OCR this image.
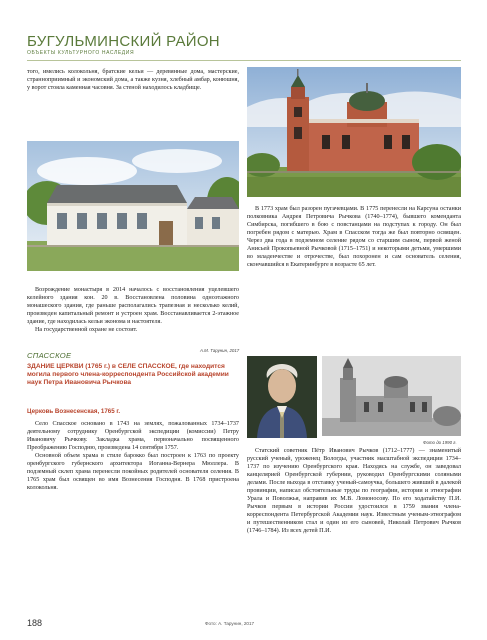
БУГУЛЬМИНСКИЙ РАЙОН
ОБЪЕКТЫ КУЛЬТУРНОГО НАСЛЕДИЯ

того, имелись колокольня, братские кельи — деревянные дома, мастерские, странноприимный и экономский дома, а также кузня, хлебный амбар, конюшня, у ворот стояла каменная часовня. За стеной находилось кладбище.

Возрождение монастыря в 2014 началось с восстановления уцелевшего келейного здания кон. 20 в. Восстановлена половина одноэтажного монашеского здания, где раньше располагались трапезная и несколько келий, произведен капитальный ремонт и устроен храм. Восстанавливается 2-этажное здание, где находилась кельи эконома и настоятеля.

На государственной охране не состоит.

А.М. Тарунин, 2017
СПАССКОЕ
ЗДАНИЕ ЦЕРКВИ (1765 г.) в СЕЛЕ СПАССКОЕ, где находится могила первого члена-корреспондента Российской академии наук Петра Ивановича Рычкова
Церковь Вознесенская, 1765 г.

Село Спасское основано в 1743 на землях, пожалованных 1734–1737 деятельному сотруднику Оренбургской экспедиции (комиссии) Петру Ивановичу Рычкову. Закладка храма, первоначально посвященного Преображению Господню, произведена 14 сентября 1757.

Основной объем храма в стиле барокко был построен к 1763 по проекту оренбургского губернского архитектора Иоганна-Вернера Мюллера. В подземный склеп храма перенесли покойных родителей основателя селения. В 1765 храм был освящен во имя Вознесения Господня. В 1768 пристроена колокольня.

В 1773 храм был разорен пугачевцами. В 1775 перенесли на Карсуна останки полковника Андрея Петровича Рычкова (1740–1774), бывшего коменданта Симбирска, погибшего в бою с повстанцами на подступах к городу. Он был погребен рядом с матерью. Храм в Спасском тогда же был повторно освящен. Через два года в подземном селение рядом со старшим сыном, первой женой Анисьей Прокопьевной Рычковой (1715–1751) и некоторыми детьми, умершими во младенчестве и отрочестве, был похоронен и сам основатель селения, скончавшийся в Екатеринбурге в возрасте 65 лет.

Фото до 1990 г.

Статский советник Пётр Иванович Рычков (1712–1777) — знаменитый русский ученый, уроженец Вологды, участник масштабной экспедиции 1734–1737 по изучению Оренбургского края. Находясь на службе, он заведовал канцелярией Оренбургской губернии, руководил Оренбургскими соляными делами. После выхода в отставку ученый-самоучка, большего живший в далекой провинции, написал обстоятельные труды по географии, истории и этнографии Урала и Поволжья, направив их М.В. Ломоносову. По его ходатайству П.И. Рычков первым в истории России удостоился в 1759 звания члена-корреспондента Петербургской Академии наук. Известным ученым-этнографом и путешественником стал и один из его сыновей, Николай Петрович Рычков (1746–1784). Из всех детей П.И.

188	Фото: А. Тарунин, 2017
